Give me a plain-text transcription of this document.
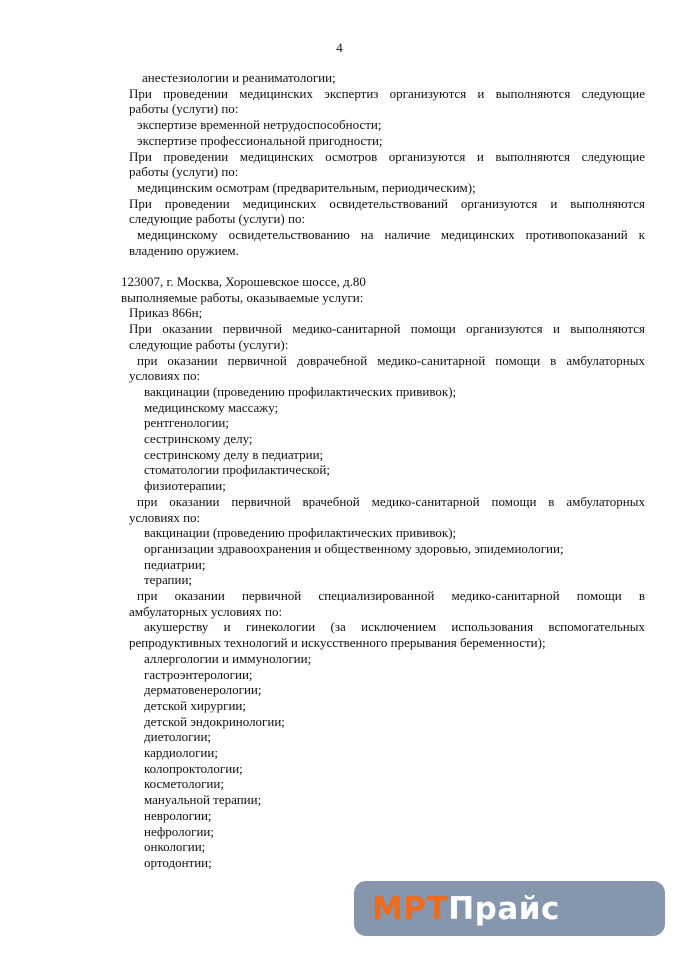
4
анестезиологии и реаниматологии;
При проведении медицинских экспертиз организуются и выполняются следующие
работы (услуги) по:
экспертизе временной нетрудоспособности;
экспертизе профессиональной пригодности;
При проведении медицинских осмотров организуются и выполняются следующие
работы (услуги) по:
медицинским осмотрам (предварительным, периодическим);
При проведении медицинских освидетельствований организуются и выполняются
следующие работы (услуги) по:
медицинскому освидетельствованию на наличие медицинских противопоказаний к
владению оружием.
123007, г. Москва, Хорошевское шоссе, д.80
выполняемые работы, оказываемые услуги:
Приказ 866н;
При оказании первичной медико-санитарной помощи организуются и выполняются
следующие работы (услуги):
при оказании первичной доврачебной медико-санитарной помощи в амбулаторных
условиях по:
вакцинации (проведению профилактических прививок);
медицинскому массажу;
рентгенологии;
сестринскому делу;
сестринскому делу в педиатрии;
стоматологии профилактической;
физиотерапии;
при оказании первичной врачебной медико-санитарной помощи в амбулаторных
условиях по:
вакцинации (проведению профилактических прививок);
организации здравоохранения и общественному здоровью, эпидемиологии;
педиатрии;
терапии;
при оказании первичной специализированной медико-санитарной помощи в
амбулаторных условиях по:
акушерству и гинекологии (за исключением использования вспомогательных
репродуктивных технологий и искусственного прерывания беременности);
аллергологии и иммунологии;
гастроэнтерологии;
дерматовенерологии;
детской хирургии;
детской эндокринологии;
диетологии;
кардиологии;
колопроктологии;
косметологии;
мануальной терапии;
неврологии;
нефрологии;
онкологии;
ортодонтии;
МРТ Прайс
